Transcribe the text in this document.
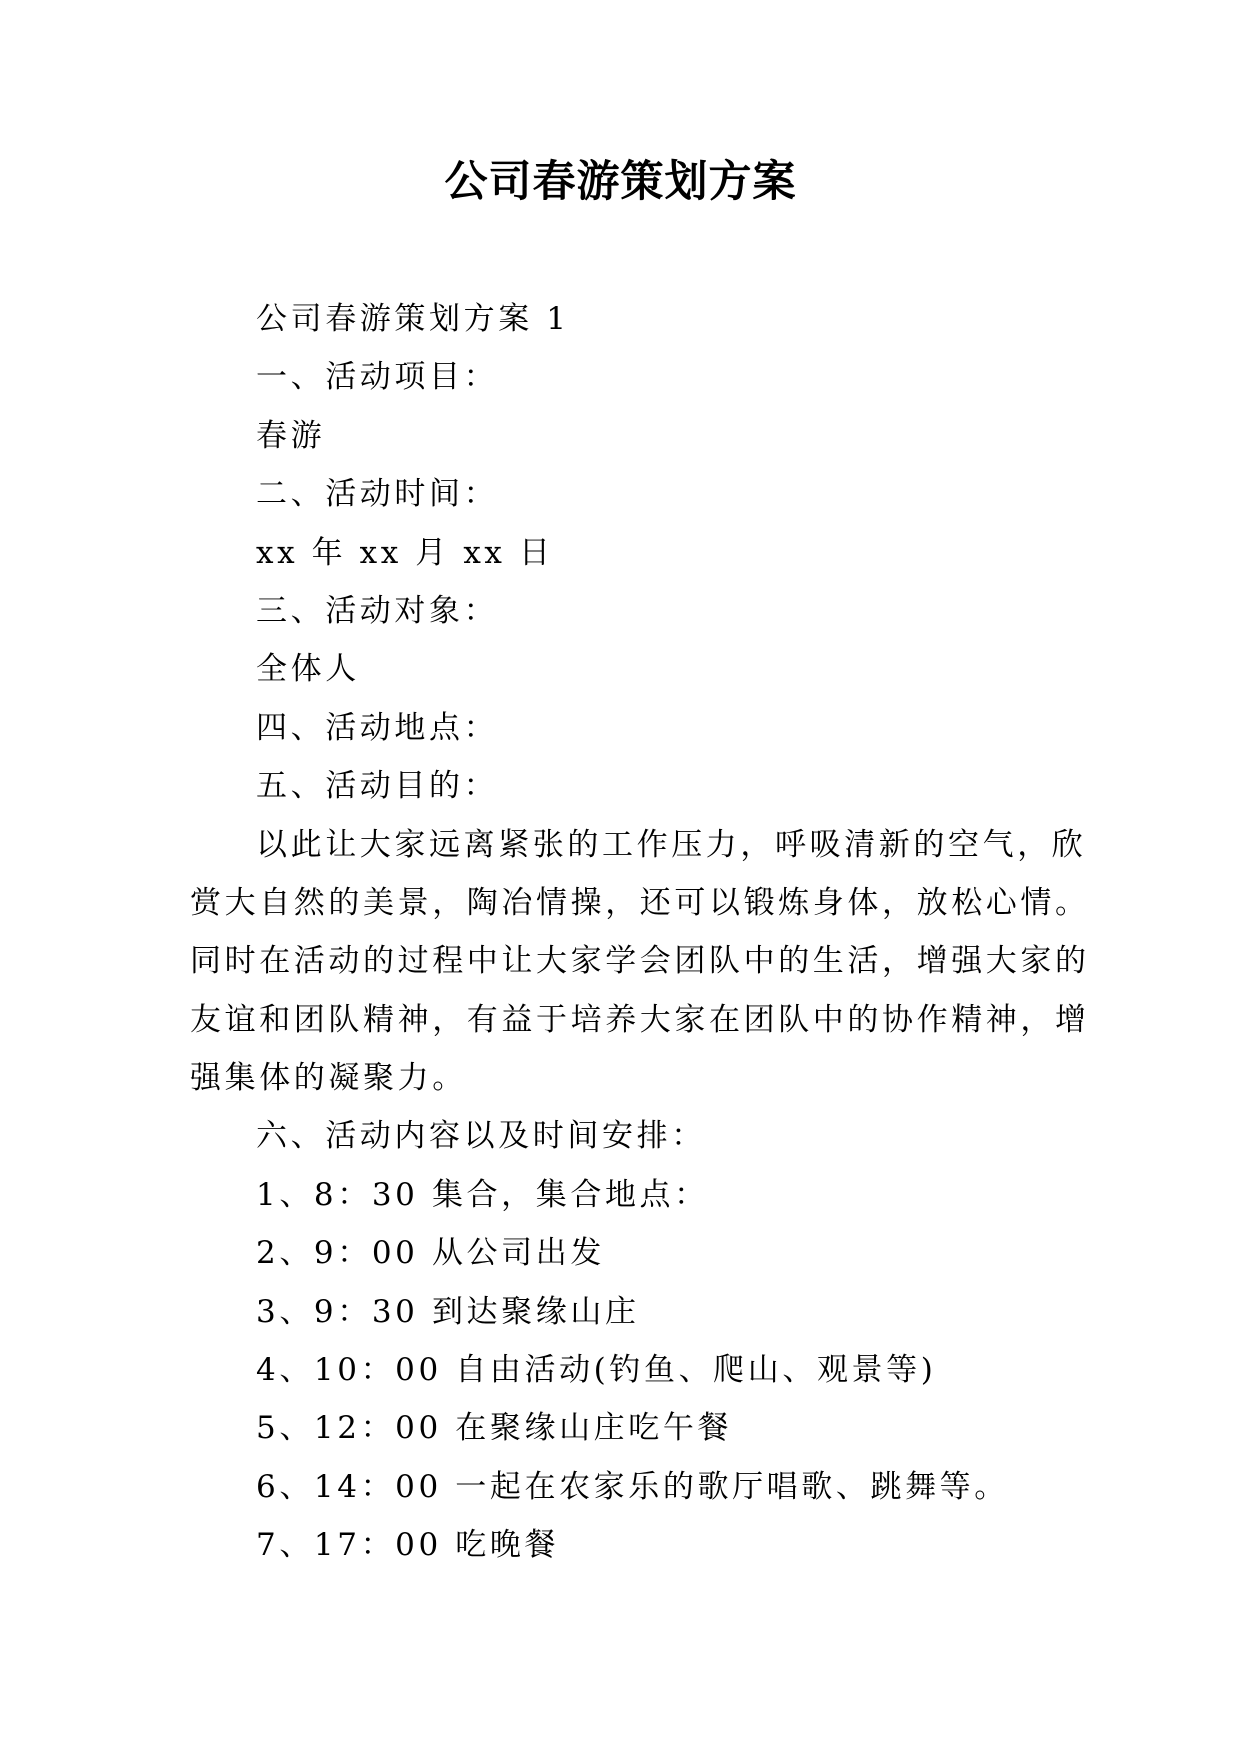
公司春游策划方案
公司春游策划方案 1
一、活动项目：
春游
二、活动时间：
xx 年 xx 月 xx 日
三、活动对象：
全体人
四、活动地点：
五、活动目的：
以此让大家远离紧张的工作压力，呼吸清新的空气，欣
赏大自然的美景，陶冶情操，还可以锻炼身体，放松心情。
同时在活动的过程中让大家学会团队中的生活，增强大家的
友谊和团队精神，有益于培养大家在团队中的协作精神，增
强集体的凝聚力。
六、活动内容以及时间安排：
1、8：30 集合，集合地点：
2、9：00 从公司出发
3、9：30 到达聚缘山庄
4、10：00 自由活动(钓鱼、爬山、观景等)
5、12：00 在聚缘山庄吃午餐
6、14：00 一起在农家乐的歌厅唱歌、跳舞等。
7、17：00 吃晚餐
